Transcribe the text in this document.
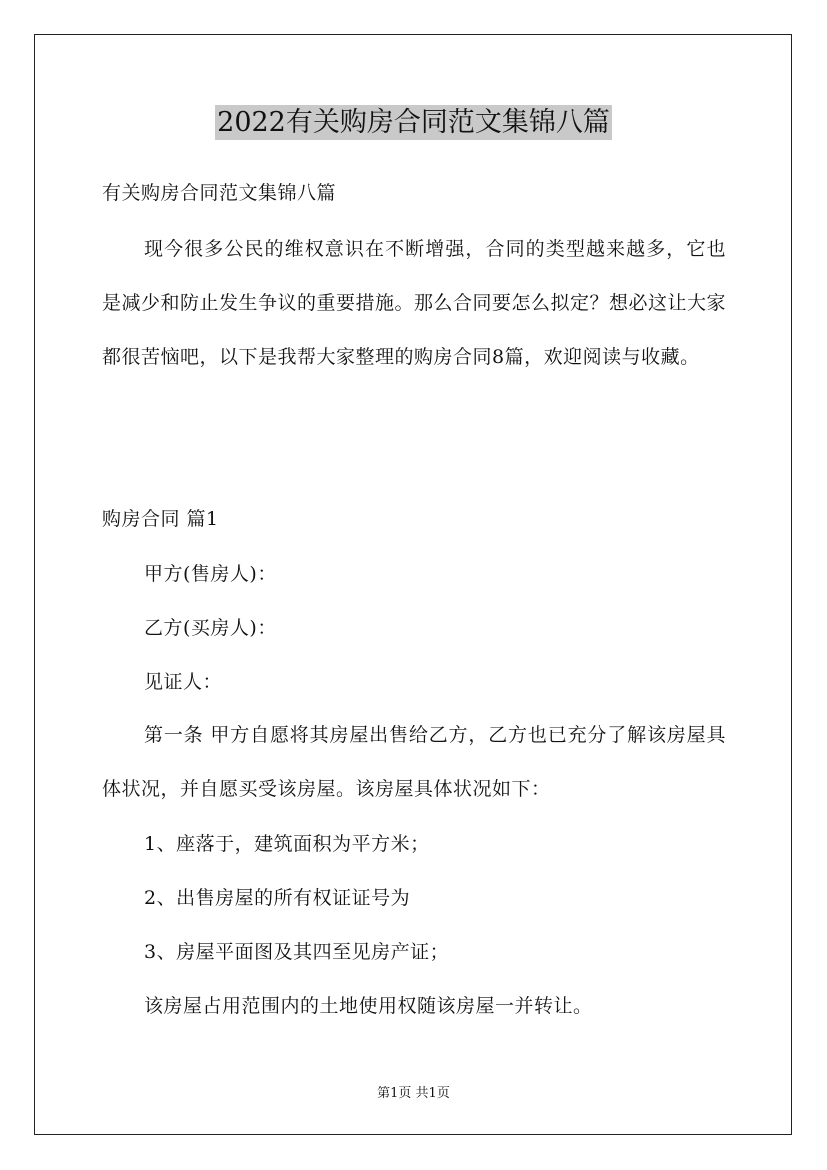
2022有关购房合同范文集锦八篇
有关购房合同范文集锦八篇
现今很多公民的维权意识在不断增强，合同的类型越来越多，它也是减少和防止发生争议的重要措施。那么合同要怎么拟定？想必这让大家都很苦恼吧，以下是我帮大家整理的购房合同8篇，欢迎阅读与收藏。
购房合同 篇1
甲方(售房人)：
乙方(买房人)：
见证人：
第一条 甲方自愿将其房屋出售给乙方，乙方也已充分了解该房屋具体状况，并自愿买受该房屋。该房屋具体状况如下：
1、座落于，建筑面积为平方米；
2、出售房屋的所有权证证号为
3、房屋平面图及其四至见房产证；
该房屋占用范围内的土地使用权随该房屋一并转让。
第1页 共1页
